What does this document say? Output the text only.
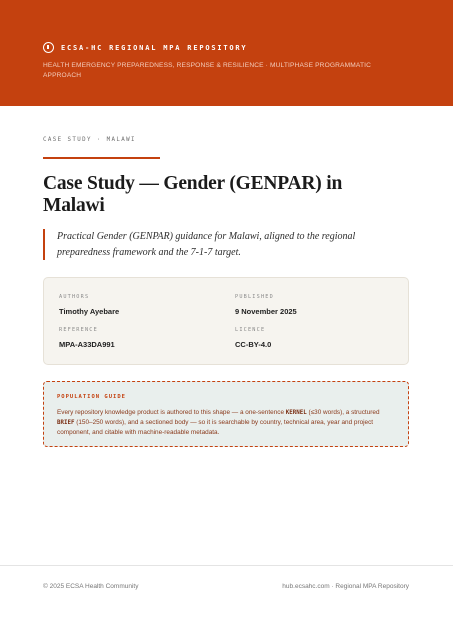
ECSA-HC REGIONAL MPA REPOSITORY
HEALTH EMERGENCY PREPAREDNESS, RESPONSE & RESILIENCE · MULTIPHASE PROGRAMMATIC APPROACH
CASE STUDY · MALAWI
Case Study — Gender (GENPAR) in Malawi

Practical Gender (GENPAR) guidance for Malawi, aligned to the regional preparedness framework and the 7-1-7 target.

AUTHORS
Timothy Ayebare
PUBLISHED
9 November 2025
REFERENCE
MPA-A33DA991
LICENCE
CC-BY-4.0
POPULATION GUIDE
Every repository knowledge product is authored to this shape — a one-sentence KERNEL (≤30 words), a structured BRIEF (150–250 words), and a sectioned body — so it is searchable by country, technical area, year and project component, and citable with machine-readable metadata.
© 2025 ECSA Health Community	hub.ecsahc.com · Regional MPA Repository
